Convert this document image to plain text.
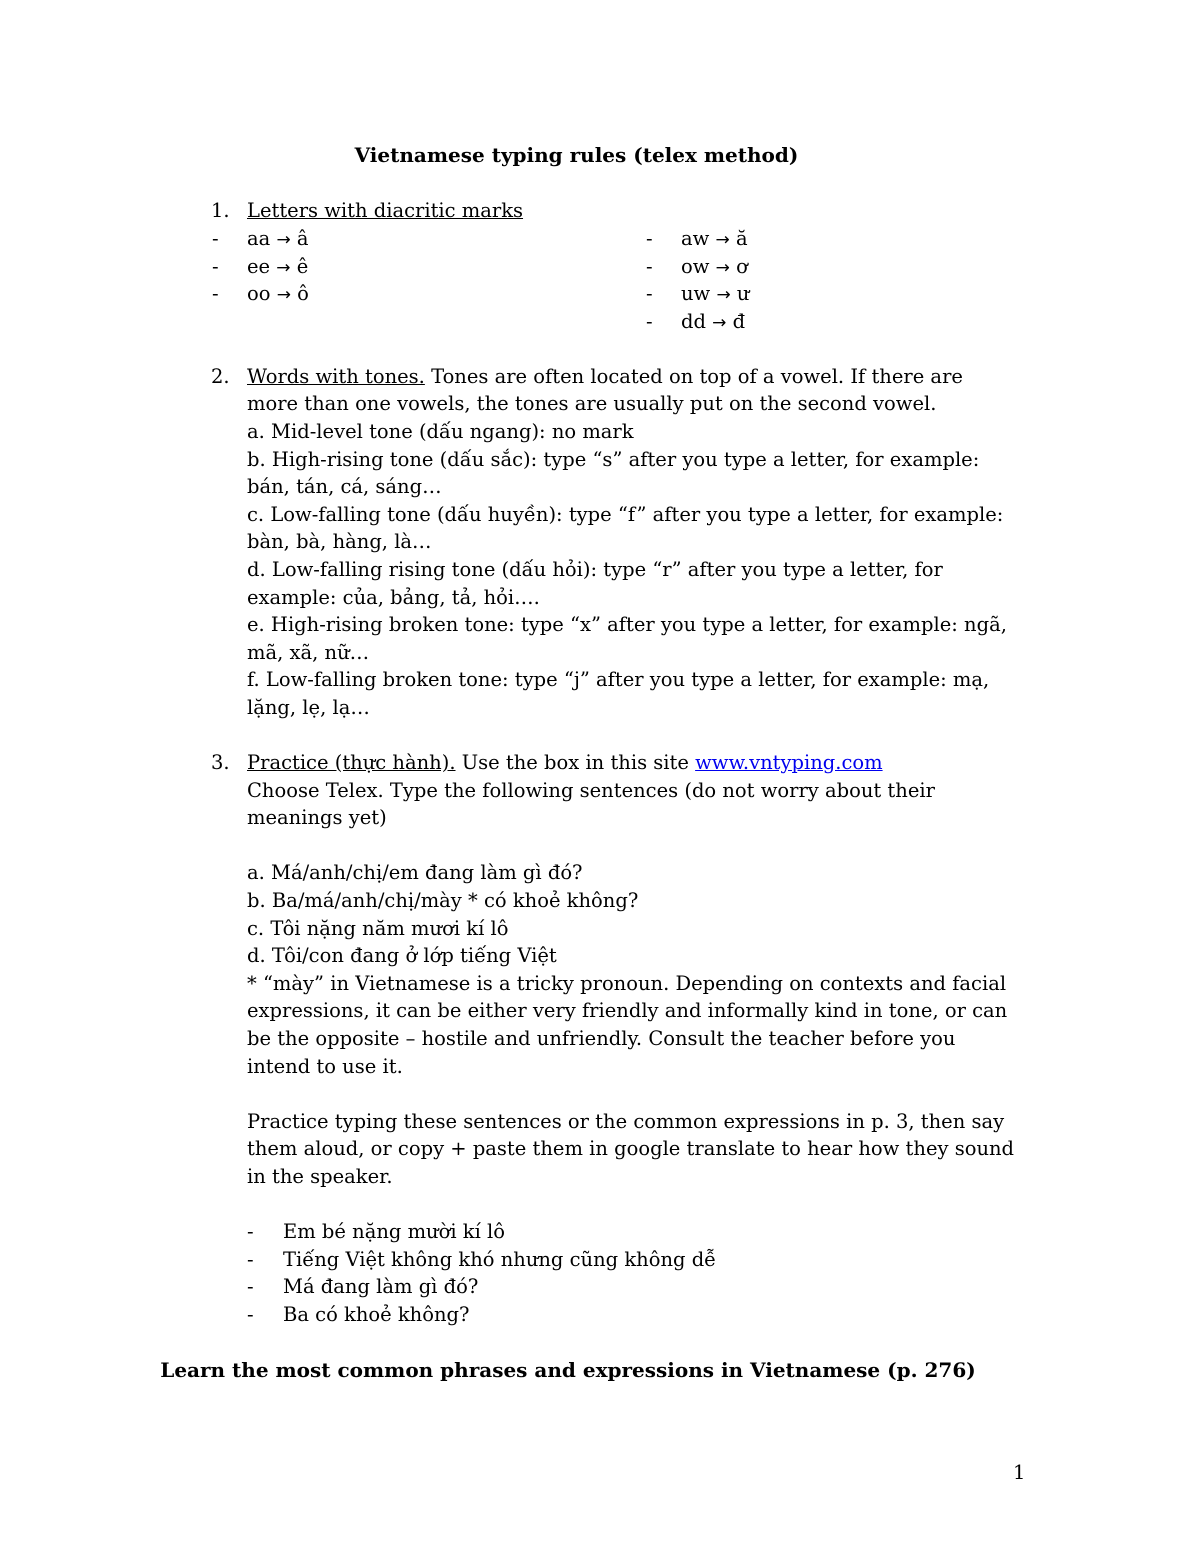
Vietnamese typing rules (telex method)
1. Letters with diacritic marks
- aa → â
- ee → ê
- oo → ô
- aw → ă
- ow → ơ
- uw → ư
- dd → đ
2. Words with tones. Tones are often located on top of a vowel. If there are
more than one vowels, the tones are usually put on the second vowel.
a. Mid-level tone (dấu ngang): no mark
b. High-rising tone (dấu sắc): type “s” after you type a letter, for example:
bán, tán, cá, sáng…
c. Low-falling tone (dấu huyền): type “f” after you type a letter, for example:
bàn, bà, hàng, là…
d. Low-falling rising tone (dấu hỏi): type “r” after you type a letter, for
example: của, bảng, tả, hỏi….
e. High-rising broken tone: type “x” after you type a letter, for example: ngã,
mã, xã, nữ…
f. Low-falling broken tone: type “j” after you type a letter, for example: mạ,
lặng, lẹ, lạ…
3. Practice (thực hành). Use the box in this site www.vntyping.com
Choose Telex. Type the following sentences (do not worry about their
meanings yet)
a. Má/anh/chị/em đang làm gì đó?
b. Ba/má/anh/chị/mày * có khoẻ không?
c. Tôi nặng năm mươi kí lô
d. Tôi/con đang ở lớp tiếng Việt
* “mày” in Vietnamese is a tricky pronoun. Depending on contexts and facial
expressions, it can be either very friendly and informally kind in tone, or can
be the opposite – hostile and unfriendly. Consult the teacher before you
intend to use it.
Practice typing these sentences or the common expressions in p. 3, then say
them aloud, or copy + paste them in google translate to hear how they sound
in the speaker.
- Em bé nặng mười kí lô
- Tiếng Việt không khó nhưng cũng không dễ
- Má đang làm gì đó?
- Ba có khoẻ không?
Learn the most common phrases and expressions in Vietnamese (p. 276)
1
